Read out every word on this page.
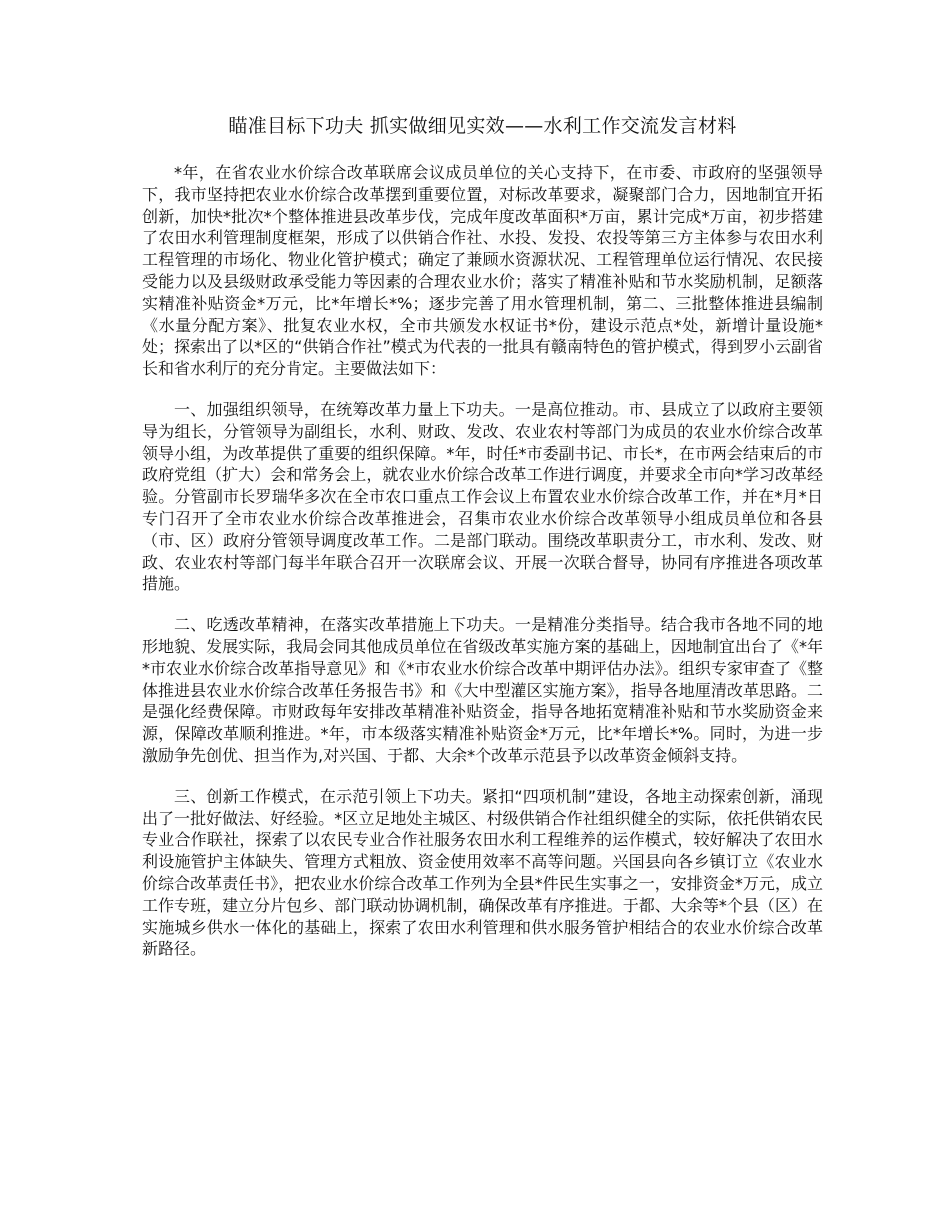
瞄准目标下功夫 抓实做细见实效——水利工作交流发言材料

*年，在省农业水价综合改革联席会议成员单位的关心支持下，在市委、市政府的坚强领导下，我市坚持把农业水价综合改革摆到重要位置，对标改革要求，凝聚部门合力，因地制宜开拓创新，加快*批次*个整体推进县改革步伐，完成年度改革面积*万亩，累计完成*万亩，初步搭建了农田水利管理制度框架，形成了以供销合作社、水投、发投、农投等第三方主体参与农田水利工程管理的市场化、物业化管护模式；确定了兼顾水资源状况、工程管理单位运行情况、农民接受能力以及县级财政承受能力等因素的合理农业水价；落实了精准补贴和节水奖励机制，足额落实精准补贴资金*万元，比*年增长*%；逐步完善了用水管理机制，第二、三批整体推进县编制《水量分配方案》、批复农业水权，全市共颁发水权证书*份，建设示范点*处，新增计量设施*处；探索出了以*区的“供销合作社”模式为代表的一批具有赣南特色的管护模式，得到罗小云副省长和省水利厅的充分肯定。主要做法如下：

一、加强组织领导，在统筹改革力量上下功夫。一是高位推动。市、县成立了以政府主要领导为组长，分管领导为副组长，水利、财政、发改、农业农村等部门为成员的农业水价综合改革领导小组，为改革提供了重要的组织保障。*年，时任*市委副书记、市长*，在市两会结束后的市政府党组（扩大）会和常务会上，就农业水价综合改革工作进行调度，并要求全市向*学习改革经验。分管副市长罗瑞华多次在全市农口重点工作会议上布置农业水价综合改革工作，并在*月*日专门召开了全市农业水价综合改革推进会，召集市农业水价综合改革领导小组成员单位和各县（市、区）政府分管领导调度改革工作。二是部门联动。围绕改革职责分工，市水利、发改、财政、农业农村等部门每半年联合召开一次联席会议、开展一次联合督导，协同有序推进各项改革措施。

二、吃透改革精神，在落实改革措施上下功夫。一是精准分类指导。结合我市各地不同的地形地貌、发展实际，我局会同其他成员单位在省级改革实施方案的基础上，因地制宜出台了《*年*市农业水价综合改革指导意见》和《*市农业水价综合改革中期评估办法》。组织专家审查了《整体推进县农业水价综合改革任务报告书》和《大中型灌区实施方案》，指导各地厘清改革思路。二是强化经费保障。市财政每年安排改革精准补贴资金，指导各地拓宽精准补贴和节水奖励资金来源，保障改革顺利推进。*年，市本级落实精准补贴资金*万元，比*年增长*%。同时，为进一步激励争先创优、担当作为,对兴国、于都、大余*个改革示范县予以改革资金倾斜支持。

三、创新工作模式，在示范引领上下功夫。紧扣“四项机制”建设，各地主动探索创新，涌现出了一批好做法、好经验。*区立足地处主城区、村级供销合作社组织健全的实际，依托供销农民专业合作联社，探索了以农民专业合作社服务农田水利工程维养的运作模式，较好解决了农田水利设施管护主体缺失、管理方式粗放、资金使用效率不高等问题。兴国县向各乡镇订立《农业水价综合改革责任书》，把农业水价综合改革工作列为全县*件民生实事之一，安排资金*万元，成立工作专班，建立分片包乡、部门联动协调机制，确保改革有序推进。于都、大余等*个县（区）在实施城乡供水一体化的基础上，探索了农田水利管理和供水服务管护相结合的农业水价综合改革新路径。
